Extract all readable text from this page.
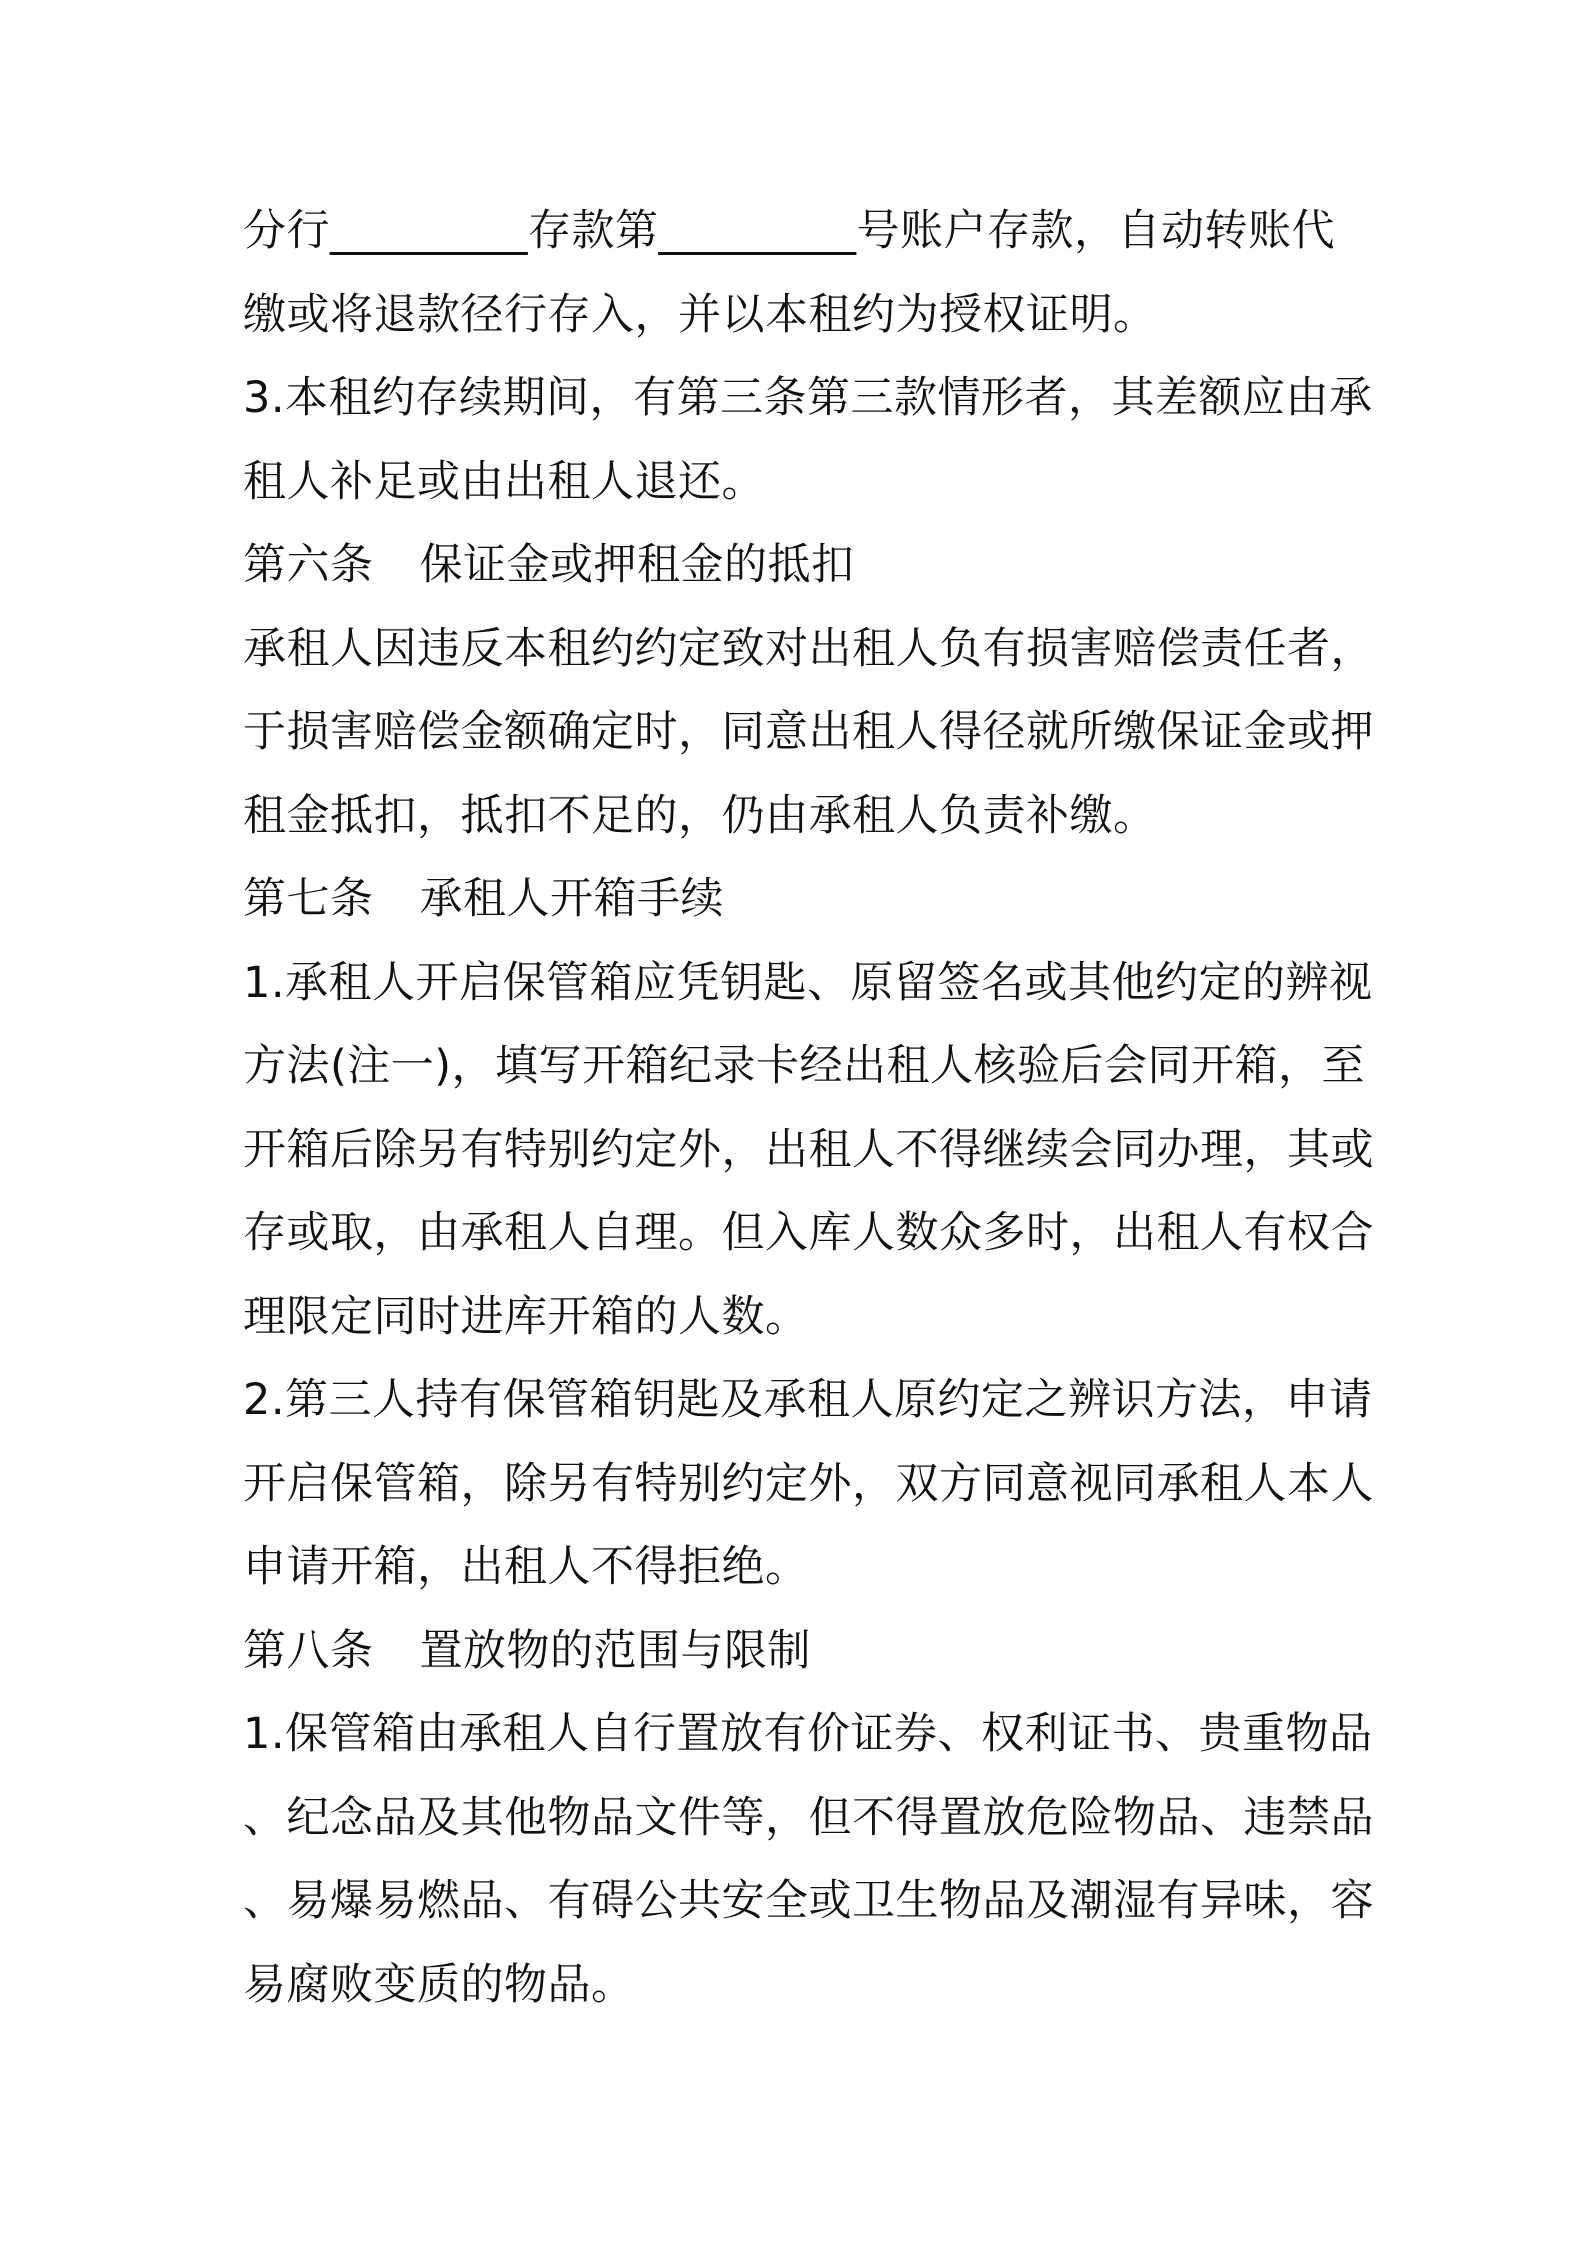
分行_________存款第_________号账户存款，自动转账代
缴或将退款径行存入，并以本租约为授权证明。
3.本租约存续期间，有第三条第三款情形者，其差额应由承
租人补足或由出租人退还。
第六条 保证金或押租金的抵扣
承租人因违反本租约约定致对出租人负有损害赔偿责任者，
于损害赔偿金额确定时，同意出租人得径就所缴保证金或押
租金抵扣，抵扣不足的，仍由承租人负责补缴。
第七条 承租人开箱手续
1.承租人开启保管箱应凭钥匙、原留签名或其他约定的辨视
方法(注一)，填写开箱纪录卡经出租人核验后会同开箱，至
开箱后除另有特别约定外，出租人不得继续会同办理，其或
存或取，由承租人自理。但入库人数众多时，出租人有权合
理限定同时进库开箱的人数。
2.第三人持有保管箱钥匙及承租人原约定之辨识方法，申请
开启保管箱，除另有特别约定外，双方同意视同承租人本人
申请开箱，出租人不得拒绝。
第八条 置放物的范围与限制
1.保管箱由承租人自行置放有价证券、权利证书、贵重物品
、纪念品及其他物品文件等，但不得置放危险物品、违禁品
、易爆易燃品、有碍公共安全或卫生物品及潮湿有异味，容
易腐败变质的物品。
